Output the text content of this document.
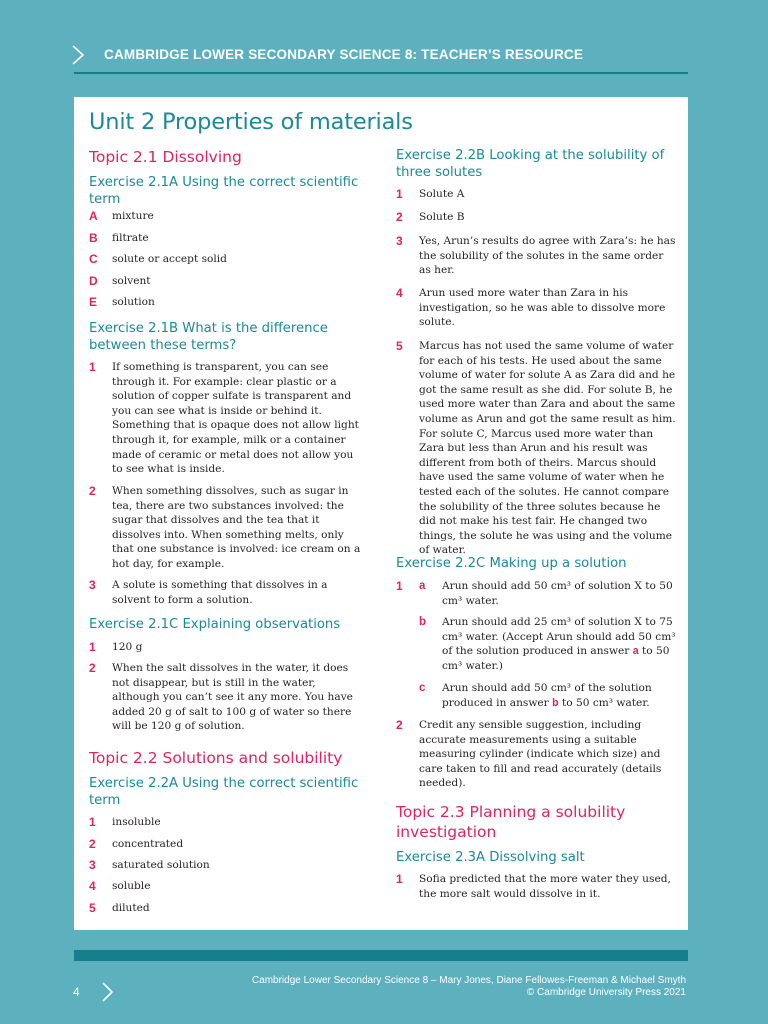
CAMBRIDGE LOWER SECONDARY SCIENCE 8: TEACHER’S RESOURCE
Unit 2 Properties of materials
Topic 2.1 Dissolving
Exercise 2.1A Using the correct scientific term
A mixture
B filtrate
C solute or accept solid
D solvent
E solution
Exercise 2.1B What is the difference between these terms?
1 If something is transparent, you can see through it. For example: clear plastic or a solution of copper sulfate is transparent and you can see what is inside or behind it. Something that is opaque does not allow light through it, for example, milk or a container made of ceramic or metal does not allow you to see what is inside.
2 When something dissolves, such as sugar in tea, there are two substances involved: the sugar that dissolves and the tea that it dissolves into. When something melts, only that one substance is involved: ice cream on a hot day, for example.
3 A solute is something that dissolves in a solvent to form a solution.
Exercise 2.1C Explaining observations
1 120 g
2 When the salt dissolves in the water, it does not disappear, but is still in the water, although you can’t see it any more. You have added 20 g of salt to 100 g of water so there will be 120 g of solution.
Topic 2.2 Solutions and solubility
Exercise 2.2A Using the correct scientific term
1 insoluble
2 concentrated
3 saturated solution
4 soluble
5 diluted
Exercise 2.2B Looking at the solubility of three solutes
1 Solute A
2 Solute B
3 Yes, Arun’s results do agree with Zara’s: he has the solubility of the solutes in the same order as her.
4 Arun used more water than Zara in his investigation, so he was able to dissolve more solute.
5 Marcus has not used the same volume of water for each of his tests. He used about the same volume of water for solute A as Zara did and he got the same result as she did. For solute B, he used more water than Zara and about the same volume as Arun and got the same result as him. For solute C, Marcus used more water than Zara but less than Arun and his result was different from both of theirs. Marcus should have used the same volume of water when he tested each of the solutes. He cannot compare the solubility of the three solutes because he did not make his test fair. He changed two things, the solute he was using and the volume of water.
Exercise 2.2C Making up a solution
1 a Arun should add 50 cm³ of solution X to 50 cm³ water.
b Arun should add 25 cm³ of solution X to 75 cm³ water. (Accept Arun should add 50 cm³ of the solution produced in answer a to 50 cm³ water.)
c Arun should add 50 cm³ of the solution produced in answer b to 50 cm³ water.
2 Credit any sensible suggestion, including accurate measurements using a suitable measuring cylinder (indicate which size) and care taken to fill and read accurately (details needed).
Topic 2.3 Planning a solubility investigation
Exercise 2.3A Dissolving salt
1 Sofia predicted that the more water they used, the more salt would dissolve in it.
4
Cambridge Lower Secondary Science 8 – Mary Jones, Diane Fellowes-Freeman & Michael Smyth
© Cambridge University Press 2021
